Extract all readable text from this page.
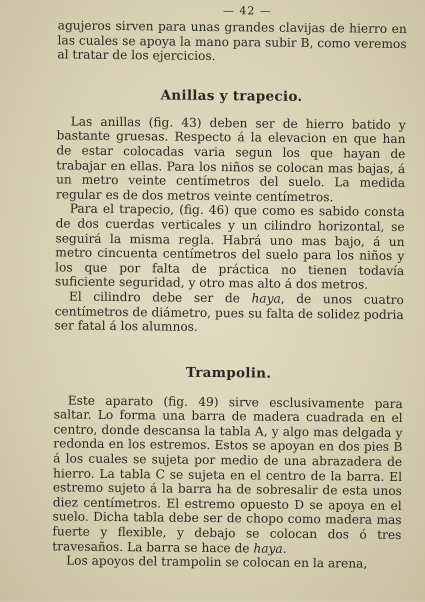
— 42 —

agujeros sirven para unas grandes clavijas de hierro en las cuales se apoya la mano para subir B, como veremos al tratar de los ejercicios.

Anillas y trapecio.

Las anillas (fig. 43) deben ser de hierro batido y bastante gruesas. Respecto á la elevacion en que han de estar colocadas varia segun los que hayan de trabajar en ellas. Para los niños se colocan mas bajas, á un metro veinte centímetros del suelo. La medida regular es de dos metros veinte centímetros.

Para el trapecio, (fig. 46) que como es sabido consta de dos cuerdas verticales y un cilindro horizontal, se seguirá la misma regla. Habrá uno mas bajo, á un metro cincuenta centímetros del suelo para los niños y los que por falta de práctica no tienen todavía suficiente seguridad, y otro mas alto á dos metros.

El cilindro debe ser de haya, de unos cuatro centímetros de diámetro, pues su falta de solidez podria ser fatal á los alumnos.

Trampolin.

Este aparato (fig. 49) sirve esclusivamente para saltar. Lo forma una barra de madera cuadrada en el centro, donde descansa la tabla A, y algo mas delgada y redonda en los estremos. Estos se apoyan en dos pies B á los cuales se sujeta por medio de una abrazadera de hierro. La tabla C se sujeta en el centro de la barra. El estremo sujeto á la barra ha de sobresalir de esta unos diez centímetros. El estremo opuesto D se apoya en el suelo. Dicha tabla debe ser de chopo como madera mas fuerte y flexible, y debajo se colocan dos ó tres travesaños. La barra se hace de haya.

Los apoyos del trampolin se colocan en la arena,
